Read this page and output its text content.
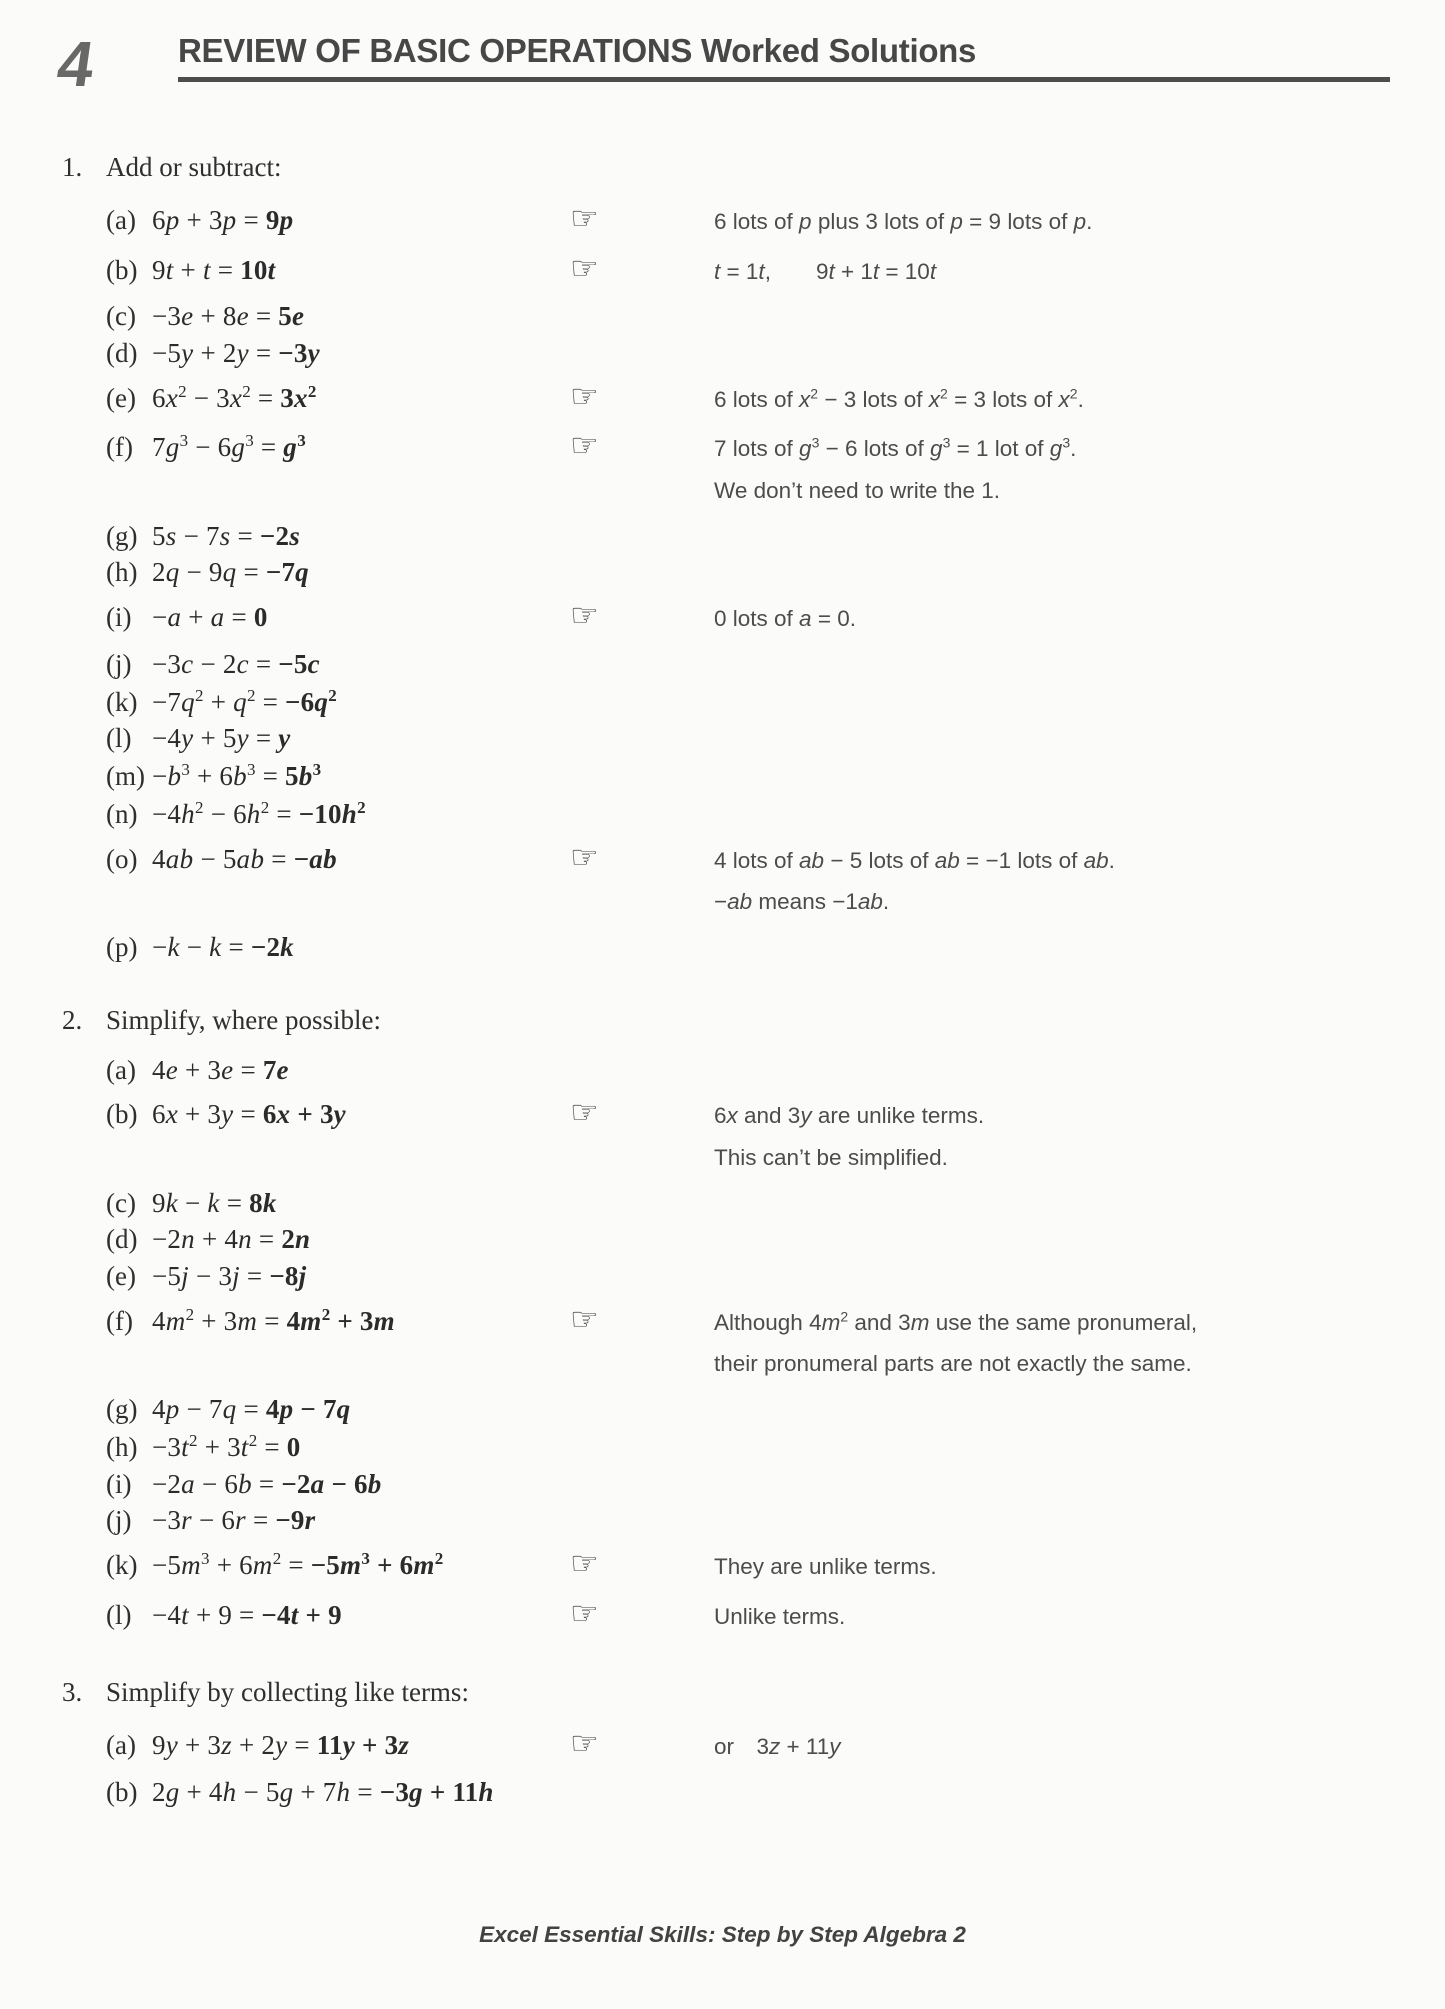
4	REVIEW OF BASIC OPERATIONS Worked Solutions
1. Add or subtract:
(a) 6p + 3p = 9p	☞	6 lots of p plus 3 lots of p = 9 lots of p.
(b) 9t + t = 10t	☞	t = 1t,  9t + 1t = 10t
(c) −3e + 8e = 5e
(d) −5y + 2y = −3y
(e) $6x^2 - 3x^2 = 3x^2$	☞	6 lots of $x^2 - 3$ lots of $x^2 = 3$ lots of $x^2$.
(f) $7g^3 - 6g^3 = g^3$	☞	7 lots of $g^3 - 6$ lots of $g^3 = 1$ lot of $g^3$.
We don’t need to write the 1.
(g) 5s − 7s = −2s
(h) 2q − 9q = −7q
(i) −a + a = 0	☞	0 lots of a = 0.
(j) −3c − 2c = −5c
$(k) -7q^2 + q^2 = -6q^2$
(l) −4y + 5y = y
$(m) -b^3 + 6b^3 = 5b^3$
$(n) -4h^2 - 6h^2 = -10h^2$
(o) 4ab − 5ab = −ab	☞	4 lots of ab − 5 lots of ab = −1 lots of ab.
−ab means −1ab.
(p) −k − k = −2k
2. Simplify, where possible:
(a) 4e + 3e = 7e
(b) 6x + 3y = 6x + 3y	☞	6x and 3y are unlike terms.
This can’t be simplified.
(c) 9k − k = 8k
(d) −2n + 4n = 2n
(e) −5j − 3j = −8j
(f) $4m^2 + 3m = 4m^2 + 3m$	☞	Although $4m^2$ and 3m use the same pronumeral,
their pronumeral parts are not exactly the same.
(g) 4p − 7q = 4p − 7q
$(h) -3t^2 + 3t^2 = 0$
(i) −2a − 6b = −2a − 6b
(j) −3r − 6r = −9r
$(k) -5m^3 + 6m^2 = -5m^3 + 6m^2$	☞	They are unlike terms.
(l) −4t + 9 = −4t + 9	☞	Unlike terms.
3. Simplify by collecting like terms:
(a) 9y + 3z + 2y = 11y + 3z	☞	or  3z + 11y
(b) 2g + 4h − 5g + 7h = −3g + 11h
Excel Essential Skills: Step by Step Algebra 2
